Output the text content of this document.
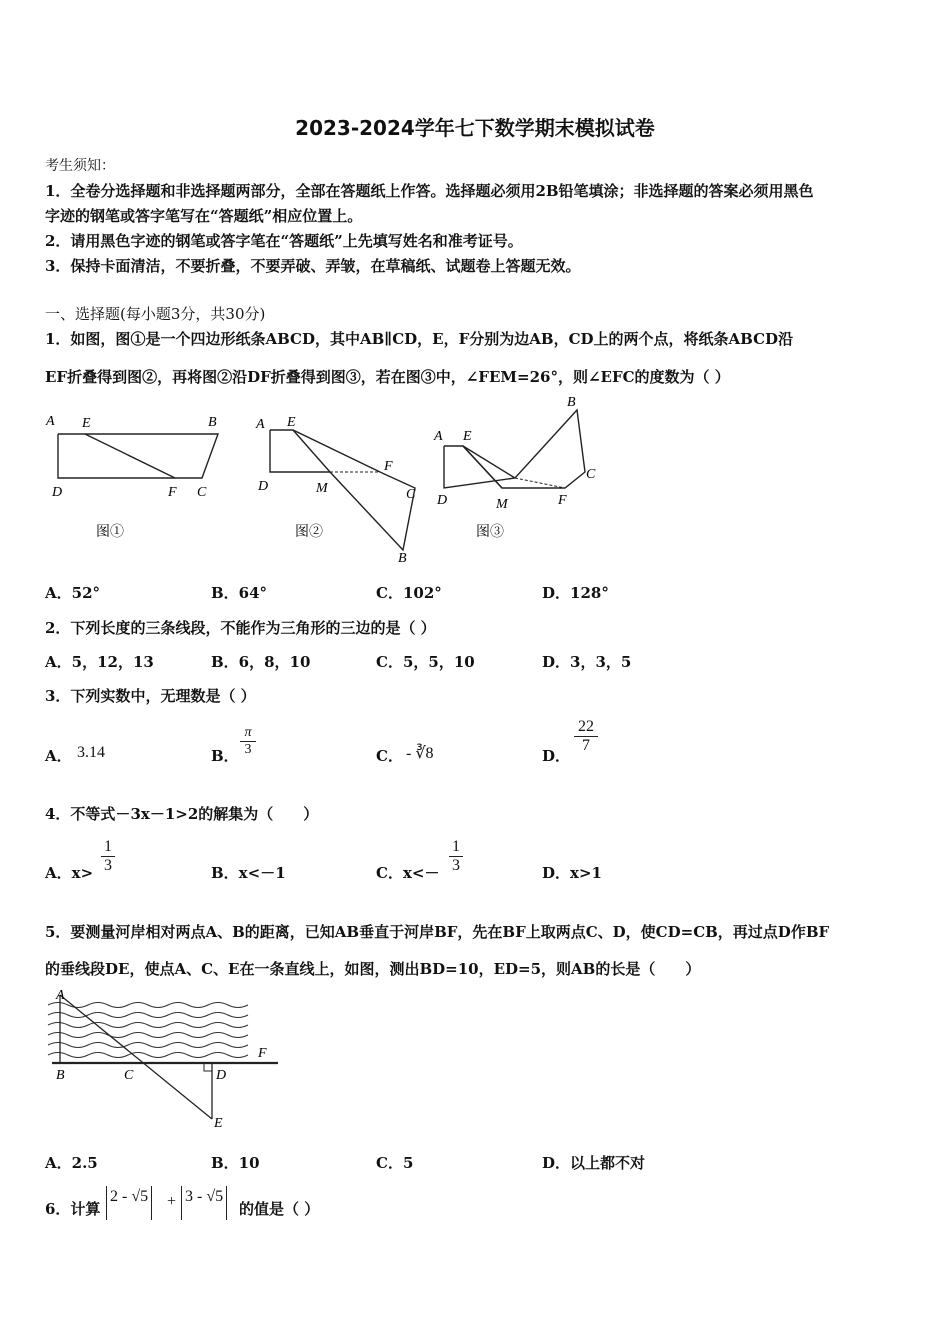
2023-2024学年七下数学期末模拟试卷
考生须知：
1．全卷分选择题和非选择题两部分，全部在答题纸上作答。选择题必须用2B铅笔填涂；非选择题的答案必须用黑色
字迹的钢笔或答字笔写在“答题纸”相应位置上。
2．请用黑色字迹的钢笔或答字笔在“答题纸”上先填写姓名和准考证号。
3．保持卡面清洁，不要折叠，不要弄破、弄皱，在草稿纸、试题卷上答题无效。
一、选择题(每小题3分，共30分)
1．如图，图①是一个四边形纸条ABCD，其中AB∥CD，E，F分别为边AB，CD上的两个点，将纸条ABCD沿
EF折叠得到图②，再将图②沿DF折叠得到图③，若在图③中，∠FEM=26°，则∠EFC的度数为（ ）
A E	B
D	F C
图①
A E
F
C
D	M
B
图②
A E
B
C
D	M	F
图③
A．52°	B．64°	C．102°	D．128°
2．下列长度的三条线段，不能作为三角形的三边的是（ ）
A．5，12，13	B．6，8，10	C．5，5，10	D．3，3，5
3．下列实数中，无理数是（ ）
A． 3.14	B．
π
3	C． - ∛8	D．
22
7
4．不等式－3x－1>2的解集为（　　）
A．x>
1
3	B．x<－1	C．x<－
1
3	D．x>1
5．要测量河岸相对两点A、B的距离，已知AB垂直于河岸BF，先在BF上取两点C、D，使CD=CB，再过点D作BF
的垂线段DE，使点A、C、E在一条直线上，如图，测出BD=10，ED=5，则AB的长是（　　）
A
B	C	D
E
F
A．2.5	B．10	C．5	D．以上都不对
6．计算
2 - √5 + 3 - √5
的值是（ ）
